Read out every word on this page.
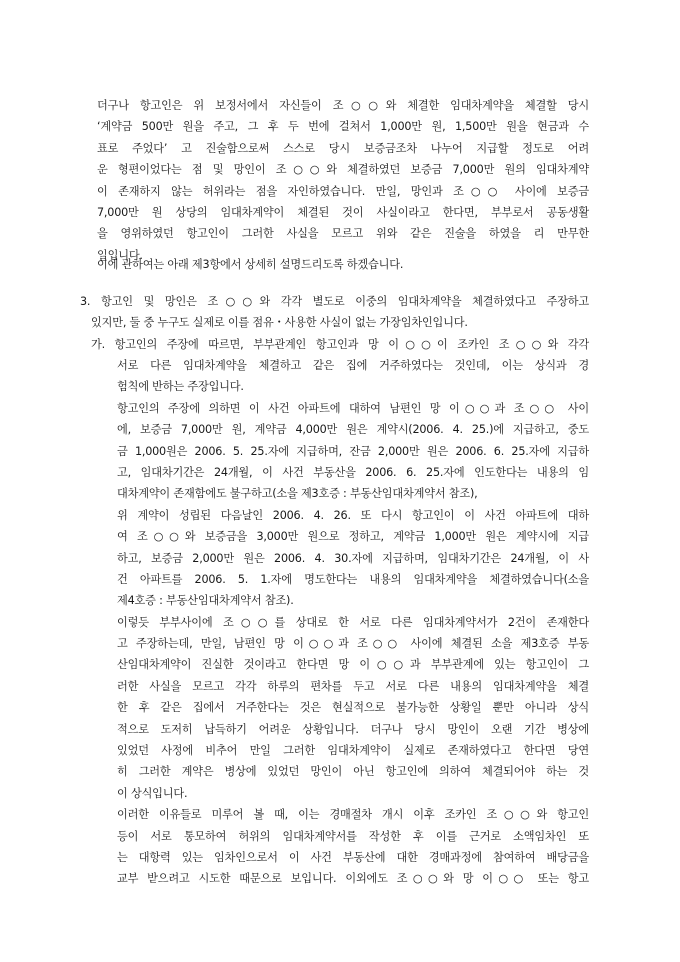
더구나 항고인은 위 보정서에서 자신들이 조○○와 체결한 임대차계약을 체결할 당시
‘계약금 500만 원을 주고, 그 후 두 번에 걸쳐서 1,000만 원, 1,500만 원을 현금과 수
표로 주었다’ 고 진술함으로써 스스로 당시 보증금조차 나누어 지급할 정도로 어려
운 형편이었다는 점 및 망인이 조○○와 체결하였던 보증금 7,000만 원의 임대차계약
이 존재하지 않는 허위라는 점을 자인하였습니다. 만일, 망인과 조○○ 사이에 보증금
7,000만 원 상당의 임대차계약이 체결된 것이 사실이라고 한다면, 부부로서 공동생활
을 영위하였던 항고인이 그러한 사실을 모르고 위와 같은 진술을 하였을 리 만무한
일입니다.
이에 관하여는 아래 제3항에서 상세히 설명드리도록 하겠습니다.
3. 항고인 및 망인은 조○○와 각각 별도로 이중의 임대차계약을 체결하였다고 주장하고
있지만, 둘 중 누구도 실제로 이를 점유・사용한 사실이 없는 가장임차인입니다.
가. 항고인의 주장에 따르면, 부부관계인 항고인과 망 이○○이 조카인 조○○와 각각
서로 다른 임대차계약을 체결하고 같은 집에 거주하였다는 것인데, 이는 상식과 경
험칙에 반하는 주장입니다.
항고인의 주장에 의하면 이 사건 아파트에 대하여 남편인 망 이○○과 조○○ 사이
에, 보증금 7,000만 원, 계약금 4,000만 원은 계약시(2006. 4. 25.)에 지급하고, 중도
금 1,000원은 2006. 5. 25.자에 지급하며, 잔금 2,000만 원은 2006. 6. 25.자에 지급하
고, 임대차기간은 24개월, 이 사건 부동산을 2006. 6. 25.자에 인도한다는 내용의 임
대차계약이 존재함에도 불구하고(소을 제3호증 : 부동산임대차계약서 참조),
위 계약이 성립된 다음날인 2006. 4. 26. 또 다시 항고인이 이 사건 아파트에 대하
여 조○○와 보증금을 3,000만 원으로 정하고, 계약금 1,000만 원은 계약시에 지급
하고, 보증금 2,000만 원은 2006. 4. 30.자에 지급하며, 임대차기간은 24개월, 이 사
건 아파트를 2006. 5. 1.자에 명도한다는 내용의 임대차계약을 체결하였습니다(소을
제4호증 : 부동산임대차계약서 참조).
이렇듯 부부사이에 조○○를 상대로 한 서로 다른 임대차계약서가 2건이 존재한다
고 주장하는데, 만일, 남편인 망 이○○과 조○○ 사이에 체결된 소을 제3호증 부동
산임대차계약이 진실한 것이라고 한다면 망 이○○과 부부관계에 있는 항고인이 그
러한 사실을 모르고 각각 하루의 편차를 두고 서로 다른 내용의 임대차계약을 체결
한 후 같은 집에서 거주한다는 것은 현실적으로 불가능한 상황일 뿐만 아니라 상식
적으로 도저히 납득하기 어려운 상황입니다. 더구나 당시 망인이 오랜 기간 병상에
있었던 사정에 비추어 만일 그러한 임대차계약이 실제로 존재하였다고 한다면 당연
히 그러한 계약은 병상에 있었던 망인이 아닌 항고인에 의하여 체결되어야 하는 것
이 상식입니다.
이러한 이유들로 미루어 볼 때, 이는 경매절차 개시 이후 조카인 조○○와 항고인
등이 서로 통모하여 허위의 임대차계약서를 작성한 후 이를 근거로 소액임차인 또
는 대항력 있는 임차인으로서 이 사건 부동산에 대한 경매과정에 참여하여 배당금을
교부 받으려고 시도한 때문으로 보입니다. 이외에도 조○○와 망 이○○ 또는 항고
